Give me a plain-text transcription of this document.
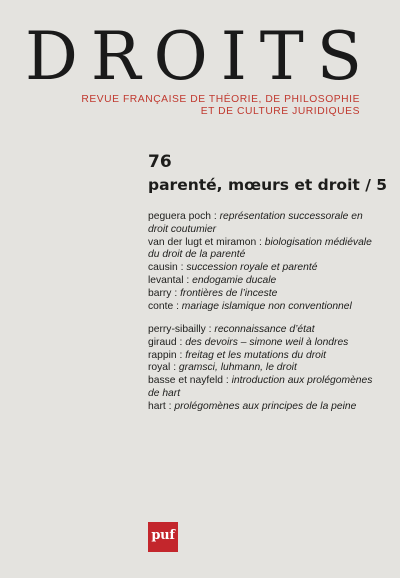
DROITS
REVUE FRANÇAISE DE THÉORIE, DE PHILOSOPHIE
ET DE CULTURE JURIDIQUES
76
parenté, mœurs et droit / 5
peguera poch : représentation successorale en droit coutumier
van der lugt et miramon : biologisation médiévale du droit de la parenté
causin : succession royale et parenté
levantal : endogamie ducale
barry : frontières de l’inceste
conte : mariage islamique non conventionnel
perry-sibailly : reconnaissance d’état
giraud : des devoirs – simone weil à londres
rappin : freitag et les mutations du droit
royal : gramsci, luhmann, le droit
basse et nayfeld : introduction aux prolégomènes de hart
hart : prolégomènes aux principes de la peine
puf
